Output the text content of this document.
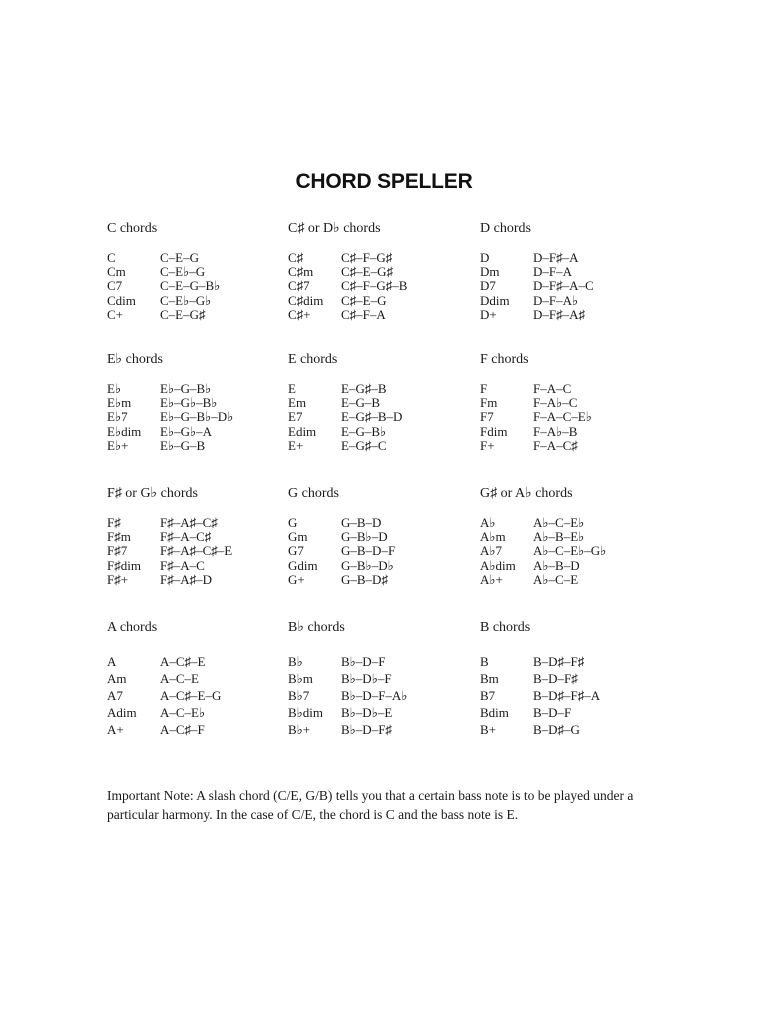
CHORD SPELLER
C chords
C	C–E–G
Cm	C–E♭–G
C7	C–E–G–B♭
Cdim	C–E♭–G♭
C+	C–E–G♯
C♯ or D♭ chords
C♯	C♯–F–G♯
C♯m	C♯–E–G♯
C♯7	C♯–F–G♯–B
C♯dim	C♯–E–G
C♯+	C♯–F–A
D chords
D	D–F♯–A
Dm	D–F–A
D7	D–F♯–A–C
Ddim	D–F–A♭
D+	D–F♯–A♯
E♭ chords
E♭	E♭–G–B♭
E♭m	E♭–G♭–B♭
E♭7	E♭–G–B♭–D♭
E♭dim	E♭–G♭–A
E♭+	E♭–G–B
E chords
E	E–G♯–B
Em	E–G–B
E7	E–G♯–B–D
Edim	E–G–B♭
E+	E–G♯–C
F chords
F	F–A–C
Fm	F–A♭–C
F7	F–A–C–E♭
Fdim	F–A♭–B
F+	F–A–C♯
F♯ or G♭ chords
F♯	F♯–A♯–C♯
F♯m	F♯–A–C♯
F♯7	F♯–A♯–C♯–E
F♯dim	F♯–A–C
F♯+	F♯–A♯–D
G chords
G	G–B–D
Gm	G–B♭–D
G7	G–B–D–F
Gdim	G–B♭–D♭
G+	G–B–D♯
G♯ or A♭ chords
A♭	A♭–C–E♭
A♭m	A♭–B–E♭
A♭7	A♭–C–E♭–G♭
A♭dim	A♭–B–D
A♭+	A♭–C–E
A chords
A	A–C♯–E
Am	A–C–E
A7	A–C♯–E–G
Adim	A–C–E♭
A+	A–C♯–F
B♭ chords
B♭	B♭–D–F
B♭m	B♭–D♭–F
B♭7	B♭–D–F–A♭
B♭dim	B♭–D♭–E
B♭+	B♭–D–F♯
B chords
B	B–D♯–F♯
Bm	B–D–F♯
B7	B–D♯–F♯–A
Bdim	B–D–F
B+	B–D♯–G

Important Note: A slash chord (C/E, G/B) tells you that a certain bass note is to be played under a particular harmony. In the case of C/E, the chord is C and the bass note is E.
